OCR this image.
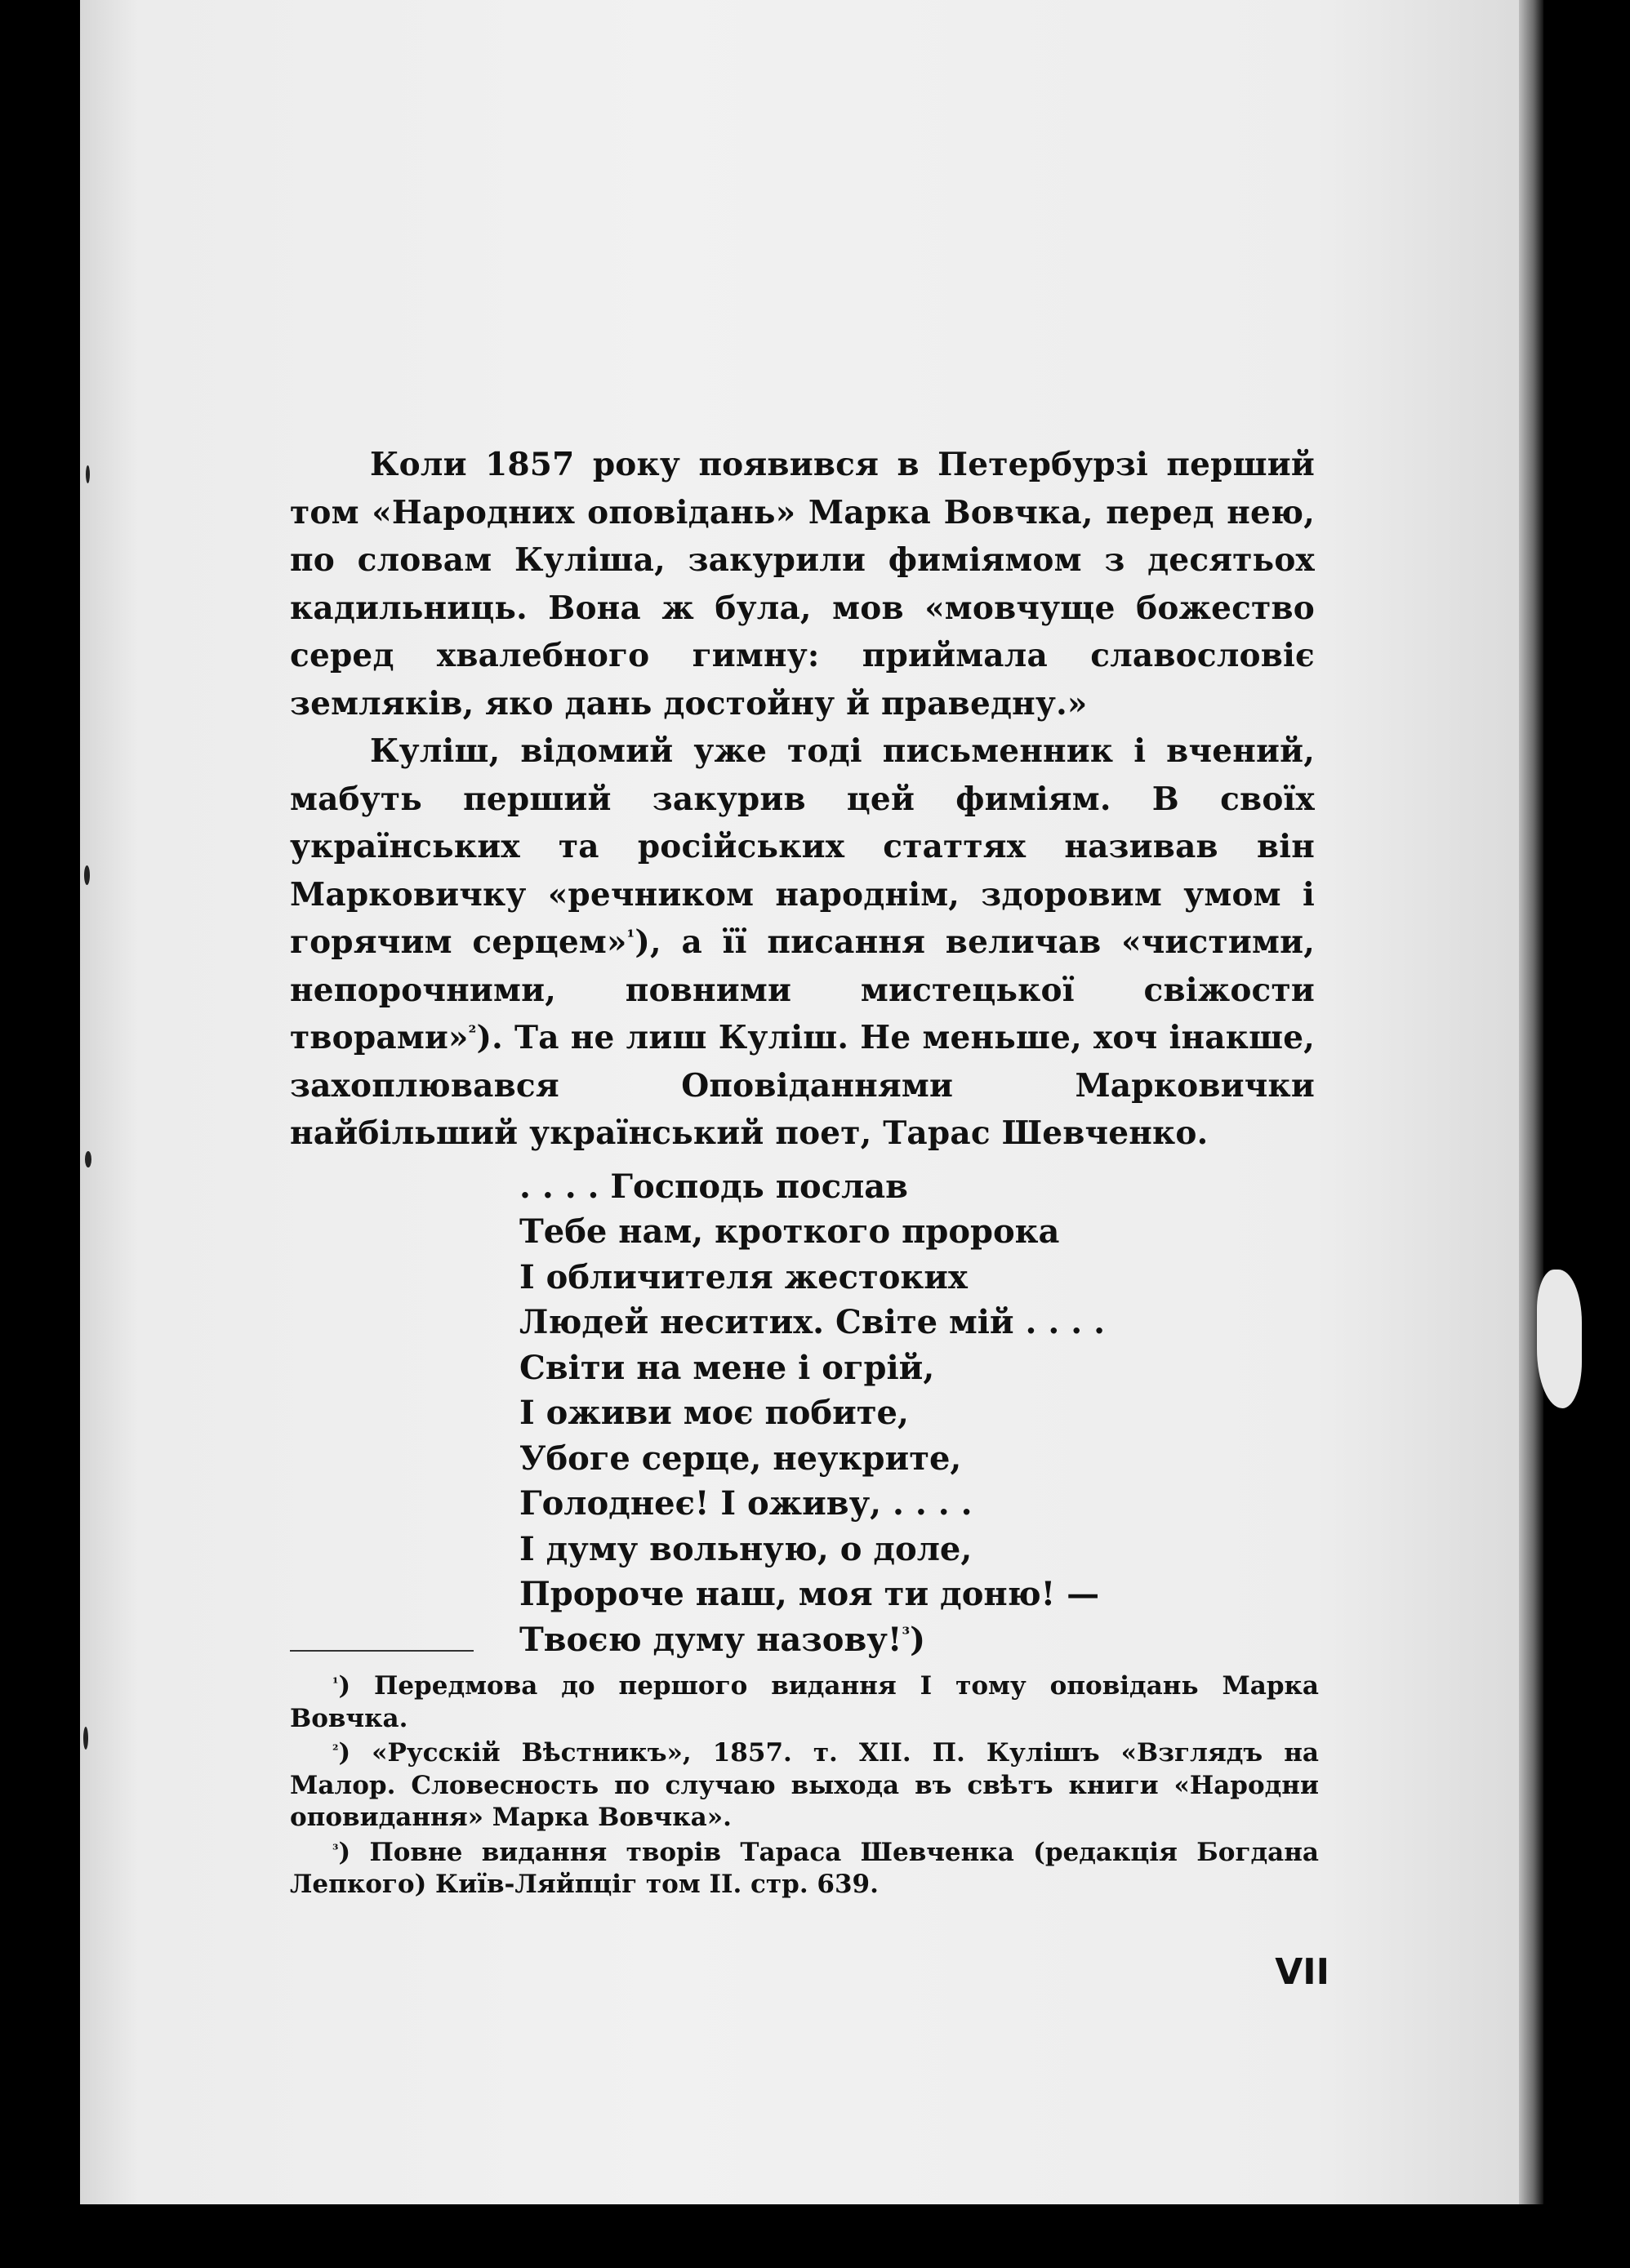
Коли 1857 року появився в Петербурзі перший том «Народних оповідань» Марка Вовчка, перед нею, по словам Куліша, закурили фиміямом з десятьох кадильниць. Вона ж була, мов «мовчуще божество серед хвалебного гимну: приймала славословіє земляків, яко дань достойну й праведну.»

Куліш, відомий уже тоді письменник і вчений, мабуть перший закурив цей фиміям. В своїх українських та російських статтях називав він Марковичку «речником народнім, здоровим умом і горячим серцем»$^{^1}$), а її писання величав «чистими, непорочними, повними мистецької свіжости творами»$^{^2}$). Та не лиш Куліш. Не меньше, хоч інакше, захоплювався Оповіданнями Марковички найбільший український поет, Тарас Шевченко.

. . . . Господь послав
Тебе нам, кроткого пророка
І обличителя жестоких
Людей неситих. Світе мій . . . .
Світи на мене і огрій,
І оживи моє побите,
Убоге серце, неукрите,
Голоднеє! І оживу, . . . .
І думу вольную, о доле,
Пророче наш, моя ти доню! —
Твоєю думу назову!$^{^3}$)

$^{^1}$) Передмова до першого видання I тому оповідань Марка Вовчка.

$^{^2}$) «Русскій Вѣстникъ», 1857. т. XII. П. Кулішъ «Взглядъ на Малор. Словесность по случаю выхода въ свѣтъ книги «Народни оповидання» Марка Вовчка».

$^{^3}$) Повне видання творів Тараса Шевченка (редакція Богдана Лепкого) Київ-Ляйпціг том II. стр. 639.

VII
